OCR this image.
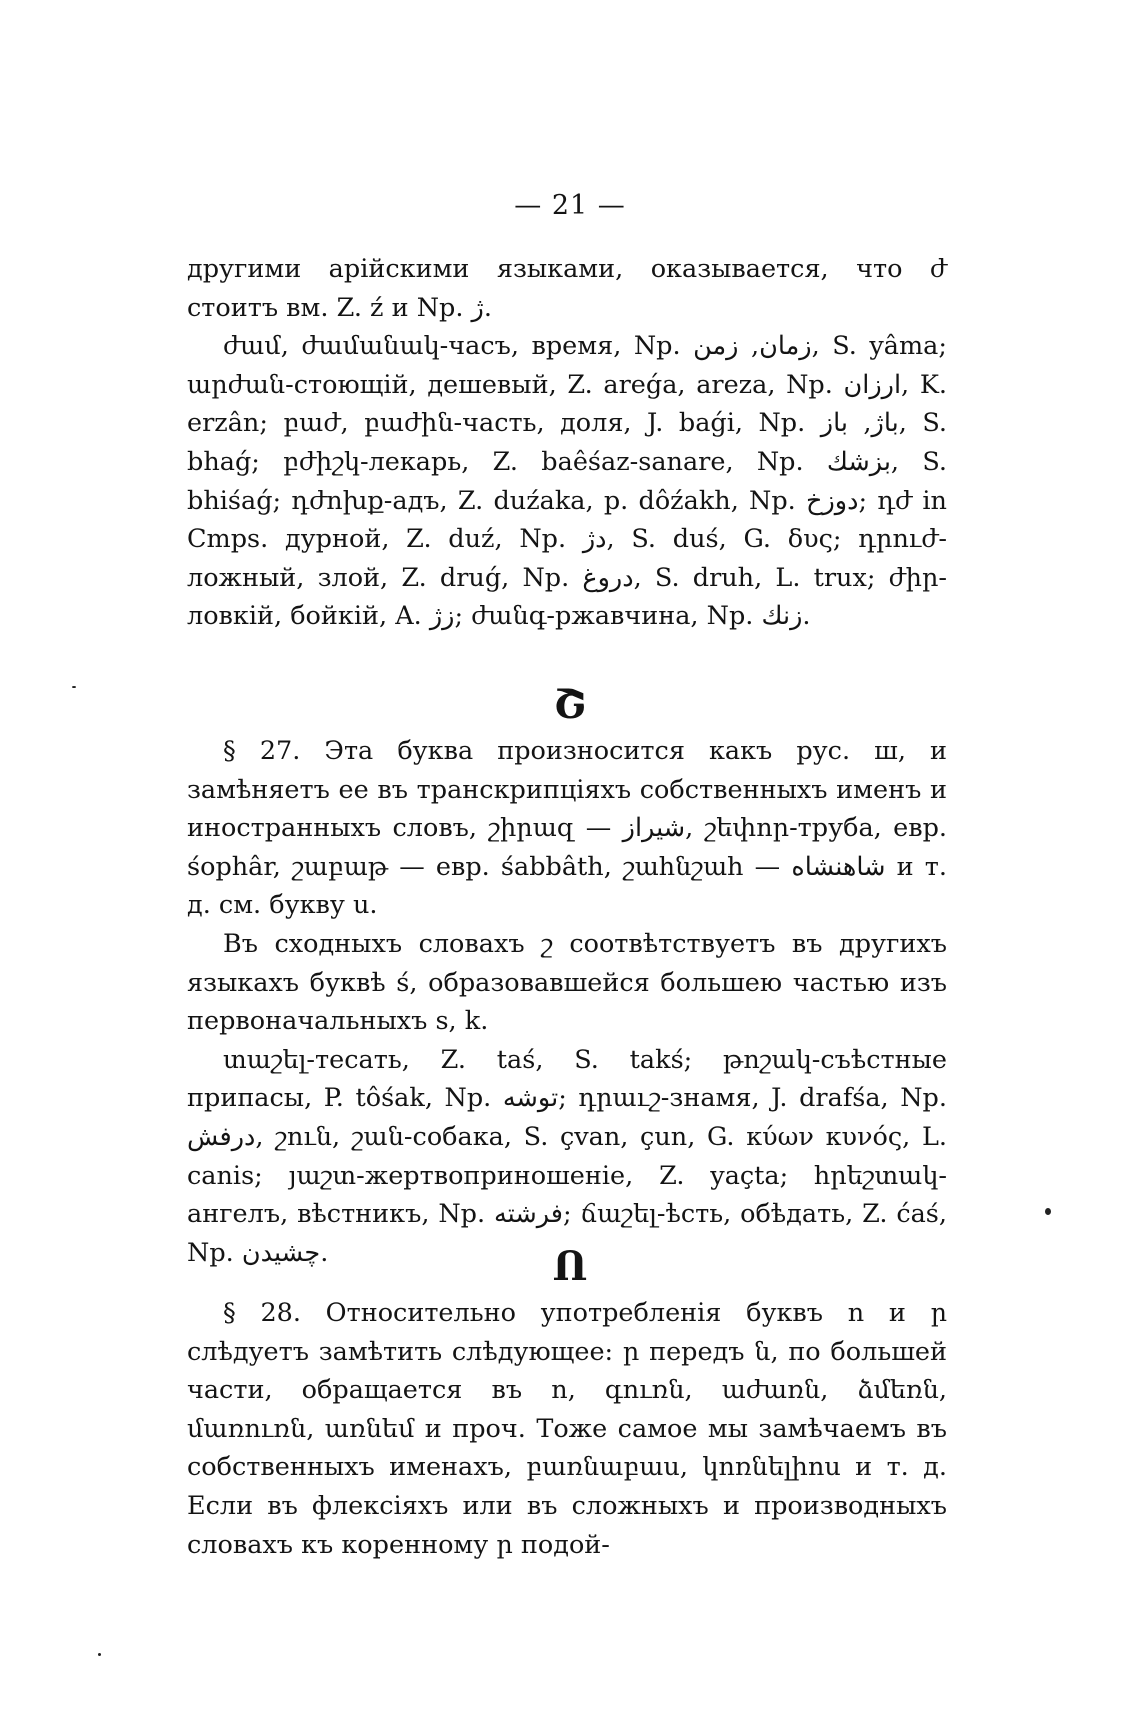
— 21 —

другими арійскими языками, оказывается, что ժ стоитъ вм. Z. ź и Np. ژ.

ժամ, ժամանակ-часъ, время, Np. زمان, زمن, S. yâma; արժան-стоющій, дешевый, Z. areǵa, areza, Np. ارزان, K. erzân; բաժ, բաժին-часть, доля, J. baǵi, Np. باژ, باز, S. bhaǵ; բժիշկ-лекарь, Z. baêśaz-sanare, Np. بزشك, S. bhiśaǵ; դժոխք-адъ, Z. duźaka, p. dôźakh, Np. دوزخ; դժ in Cmps. дурной, Z. duź, Np. دژ, S. duś, G. δυς; դրուժ-ложный, злой, Z. druǵ, Np. دروغ, S. druh, L. trux; ժիր-ловкій, бойкій, A. زژ; ժանգ-ржавчина, Np. زنك.

Շ

§ 27. Эта буква произносится какъ рус. ш, и замѣняетъ ее въ транскрипціяхъ собственныхъ именъ и иностранныхъ словъ, շիրազ — شيراز, շեփոր-труба, евр. śophâr, շաբաթ — евр. śabbâth, շահնշահ — شاهنشاه и т. д. см. букву ս.

Въ сходныхъ словахъ շ соотвѣтствуетъ въ другихъ языкахъ буквѣ ś, образовавшейся большею частью изъ первоначальныхъ s, k.

տաշել-тесать, Z. taś, S. takś; թոշակ-съѣстные припасы, P. tôśak, Np. توشه; դրաւշ-знамя, J. drafśa, Np. درفش, շուն, շան-собака, S. çvan, çun, G. κύων κυνός, L. canis; յաշտ-жертвоприношеніе, Z. yaçta; հրեշտակ-ангелъ, вѣстникъ, Np. فرشته; ճաշել-ѣсть, обѣдать, Z. ćaś, Np. چشيدن.	Ո

§ 28. Относительно употребленія буквъ ո и ր слѣдуетъ замѣтить слѣдующее: ր передъ ն, по большей части, обращается въ ո, գուռն, աժառն, ձմեռն, մառուռն, առնեմ и проч. Тоже самое мы замѣчаемъ въ собственныхъ именахъ, բառնաբաս, կոռնելիոս и т. д. Если въ флексіяхъ или въ сложныхъ и производныхъ словахъ къ коренному ր подой-
